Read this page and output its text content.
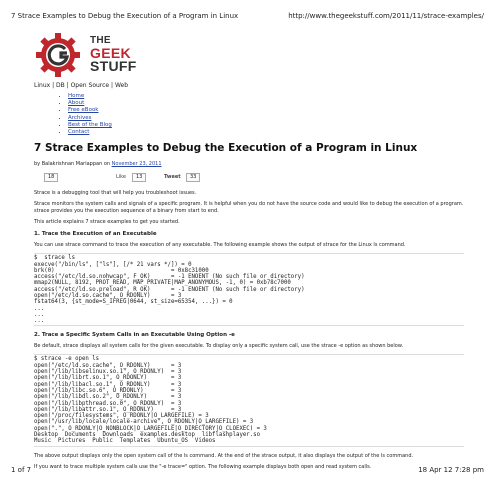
7 Strace Examples to Debug the Execution of a Program in Linux	http://www.thegeekstuff.com/2011/11/strace-examples/
THE
GEEK
STUFF
Linux | DB | Open Source | Web
• Home
• About
• Free eBook
• Archives
• Best of the Blog
• Contact
7 Strace Examples to Debug the Execution of a Program in Linux
by Balakrishnan Mariappan on November 23, 2011
18	Like	13	Tweet	33

Strace is a debugging tool that will help you troubleshoot issues.

Strace monitors the system calls and signals of a specific program. It is helpful when you do not have the source code and would like to debug the execution of a program. strace provides you the execution sequence of a binary from start to end.

This article explains 7 strace examples to get you started.

1. Trace the Execution of an Executable

You can use strace command to trace the execution of any executable. The following example shows the output of strace for the Linux ls command.

$  strace ls
execve("/bin/ls", ["ls"], [/* 21 vars */]) = 0
brk(0)                                  = 0x8c31000
access("/etc/ld.so.nohwcap", F_OK)      = -1 ENOENT (No such file or directory)
mmap2(NULL, 8192, PROT_READ, MAP_PRIVATE|MAP_ANONYMOUS, -1, 0) = 0xb78c7000
access("/etc/ld.so.preload", R_OK)      = -1 ENOENT (No such file or directory)
open("/etc/ld.so.cache", O_RDONLY)      = 3
fstat64(3, {st_mode=S_IFREG|0644, st_size=65354, ...}) = 0
...
...
...
2. Trace a Specific System Calls in an Executable Using Option -e

Be default, strace displays all system calls for the given executable. To display only a specific system call, use the strace -e option as shown below.

$ strace -e open ls
open("/etc/ld.so.cache", O_RDONLY)      = 3
open("/lib/libselinux.so.1", O_RDONLY)  = 3
open("/lib/librt.so.1", O_RDONLY)       = 3
open("/lib/libacl.so.1", O_RDONLY)      = 3
open("/lib/libc.so.6", O_RDONLY)        = 3
open("/lib/libdl.so.2", O_RDONLY)       = 3
open("/lib/libpthread.so.0", O_RDONLY)  = 3
open("/lib/libattr.so.1", O_RDONLY)     = 3
open("/proc/filesystems", O_RDONLY|O_LARGEFILE) = 3
open("/usr/lib/locale/locale-archive", O_RDONLY|O_LARGEFILE) = 3
open(".", O_RDONLY|O_NONBLOCK|O_LARGEFILE|O_DIRECTORY|O_CLOEXEC) = 3
Desktop  Documents  Downloads  examples.desktop  libflashplayer.so
Music  Pictures  Public  Templates  Ubuntu_OS  Videos

The above output displays only the open system call of the ls command. At the end of the strace output, it also displays the output of the ls command.

If you want to trace multiple system calls use the "-e trace=" option. The following example displays both open and read system calls.

1 of 7	18 Apr 12 7:28 pm
